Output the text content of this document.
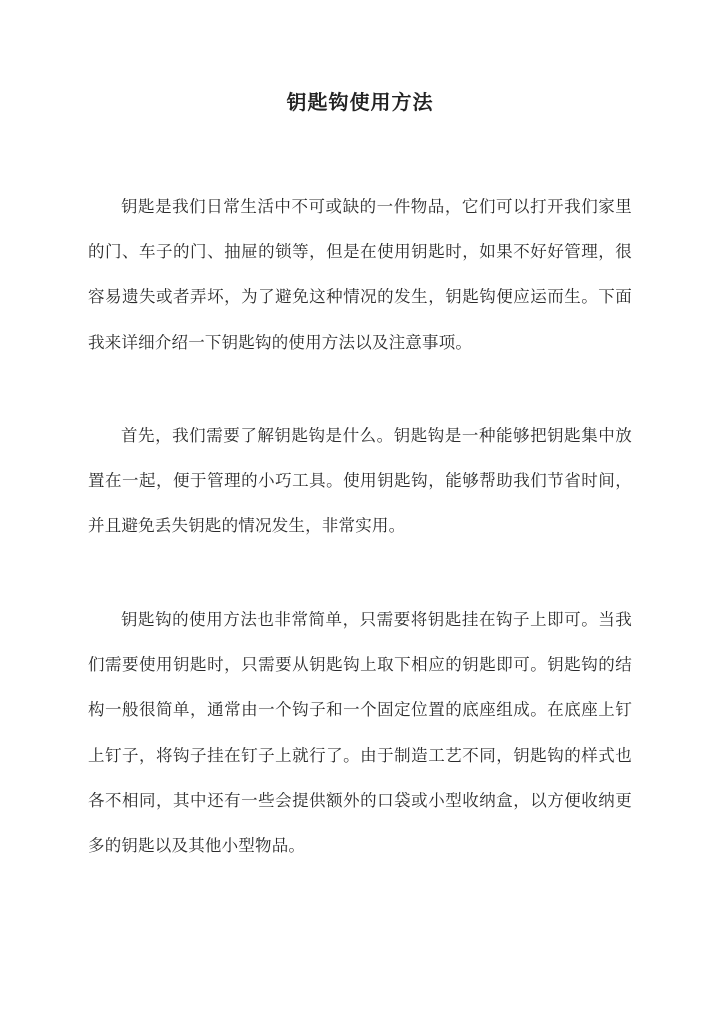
钥匙钩使用方法

钥匙是我们日常生活中不可或缺的一件物品，它们可以打开我们家里的门、车子的门、抽屉的锁等，但是在使用钥匙时，如果不好好管理，很容易遗失或者弄坏，为了避免这种情况的发生，钥匙钩便应运而生。下面我来详细介绍一下钥匙钩的使用方法以及注意事项。

首先，我们需要了解钥匙钩是什么。钥匙钩是一种能够把钥匙集中放置在一起，便于管理的小巧工具。使用钥匙钩，能够帮助我们节省时间，并且避免丢失钥匙的情况发生，非常实用。

钥匙钩的使用方法也非常简单，只需要将钥匙挂在钩子上即可。当我们需要使用钥匙时，只需要从钥匙钩上取下相应的钥匙即可。钥匙钩的结构一般很简单，通常由一个钩子和一个固定位置的底座组成。在底座上钉上钉子，将钩子挂在钉子上就行了。由于制造工艺不同，钥匙钩的样式也各不相同，其中还有一些会提供额外的口袋或小型收纳盒，以方便收纳更多的钥匙以及其他小型物品。
